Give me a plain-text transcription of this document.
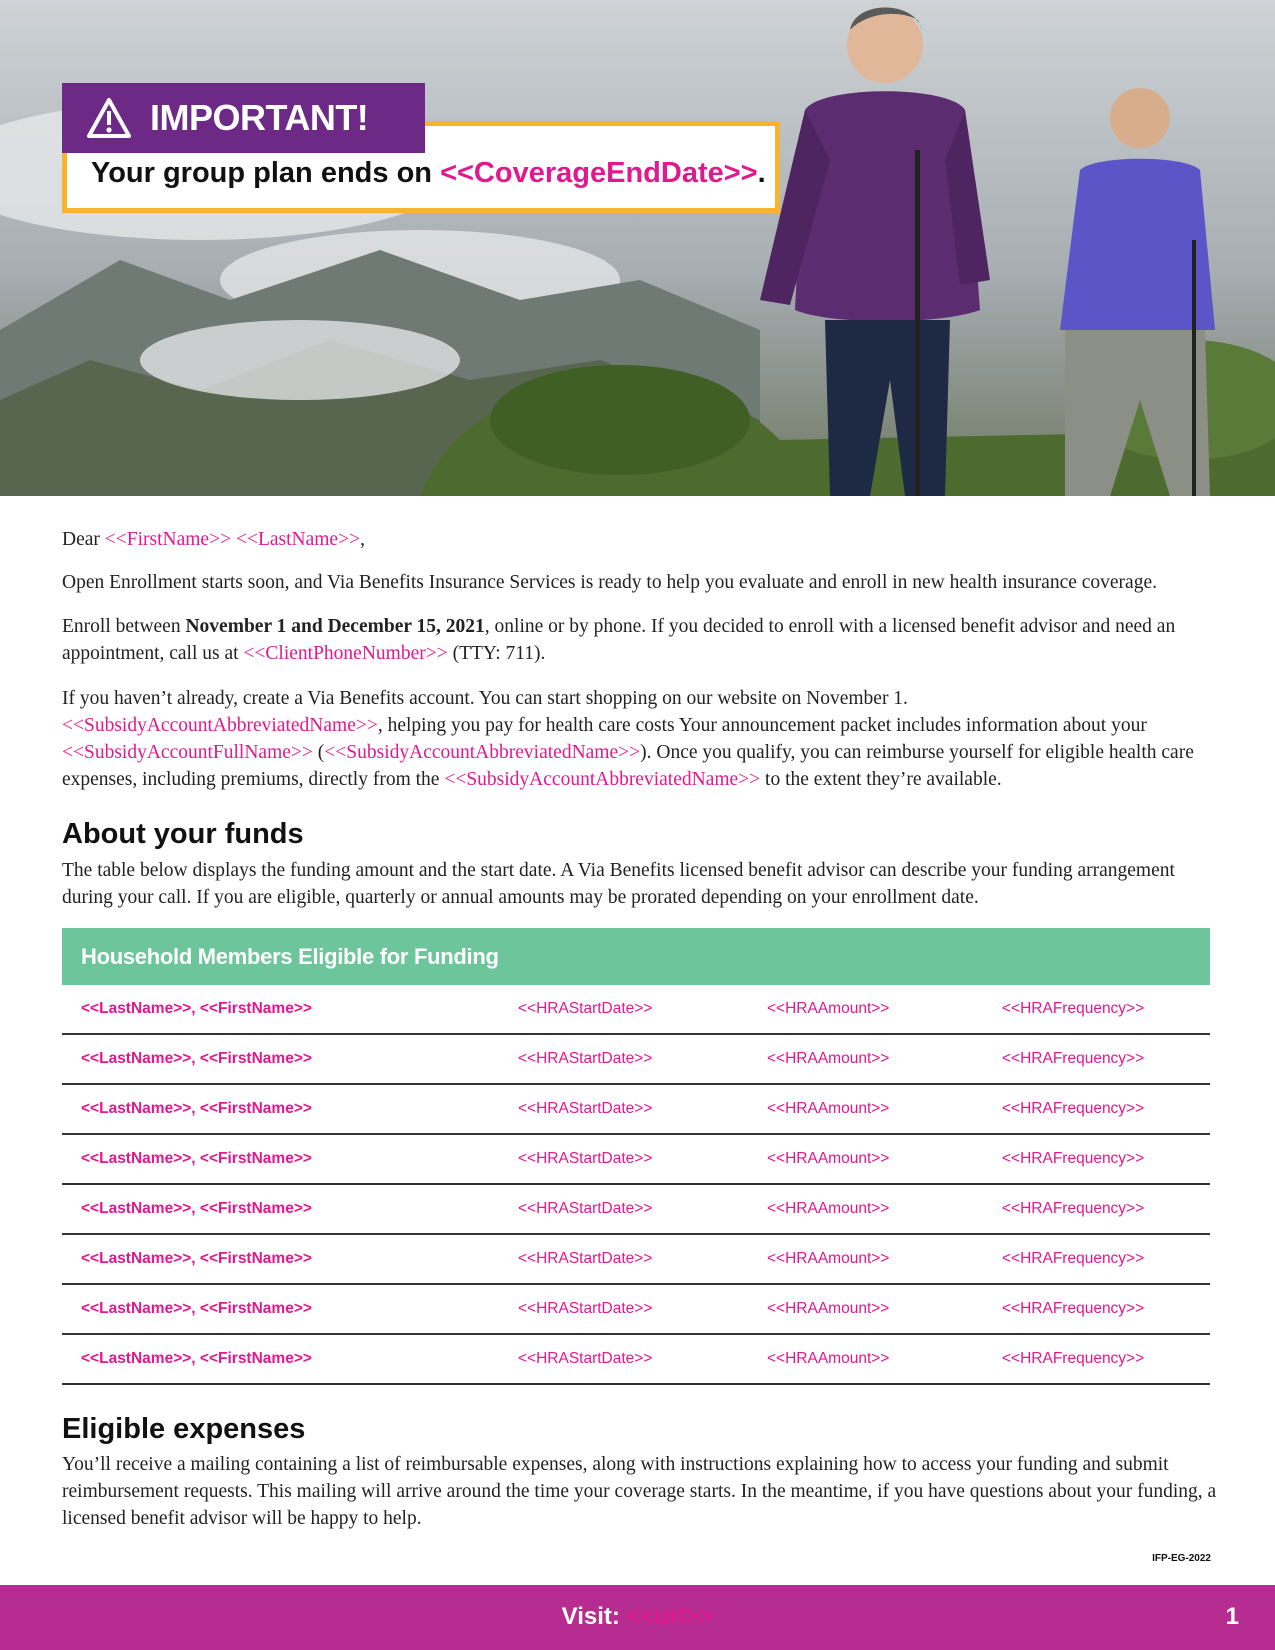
IMPORTANT!
Your group plan ends on <<CoverageEndDate>>.

Dear <<FirstName>> <<LastName>>,

Open Enrollment starts soon, and Via Benefits Insurance Services is ready to help you evaluate and enroll in new health insurance coverage.

Enroll between November 1 and December 15, 2021, online or by phone. If you decided to enroll with a licensed benefit advisor and need an appointment, call us at <<ClientPhoneNumber>> (TTY: 711).

If you haven’t already, create a Via Benefits account. You can start shopping on our website on November 1.
<<SubsidyAccountAbbreviatedName>>, helping you pay for health care costs Your announcement packet includes information about your <<SubsidyAccountFullName>> (<<SubsidyAccountAbbreviatedName>>). Once you qualify, you can reimburse yourself for eligible health care expenses, including premiums, directly from the <<SubsidyAccountAbbreviatedName>> to the extent they’re available.

About your funds

The table below displays the funding amount and the start date. A Via Benefits licensed benefit advisor can describe your funding arrangement during your call. If you are eligible, quarterly or annual amounts may be prorated depending on your enrollment date.

Household Members Eligible for Funding
<<LastName>>, <<FirstName>>	<<HRAStartDate>>	<<HRAAmount>>	<<HRAFrequency>>
<<LastName>>, <<FirstName>>	<<HRAStartDate>>	<<HRAAmount>>	<<HRAFrequency>>
<<LastName>>, <<FirstName>>	<<HRAStartDate>>	<<HRAAmount>>	<<HRAFrequency>>
<<LastName>>, <<FirstName>>	<<HRAStartDate>>	<<HRAAmount>>	<<HRAFrequency>>
<<LastName>>, <<FirstName>>	<<HRAStartDate>>	<<HRAAmount>>	<<HRAFrequency>>
<<LastName>>, <<FirstName>>	<<HRAStartDate>>	<<HRAAmount>>	<<HRAFrequency>>
<<LastName>>, <<FirstName>>	<<HRAStartDate>>	<<HRAAmount>>	<<HRAFrequency>>
<<LastName>>, <<FirstName>>	<<HRAStartDate>>	<<HRAAmount>>	<<HRAFrequency>>
Eligible expenses

You’ll receive a mailing containing a list of reimbursable expenses, along with instructions explaining how to access your funding and submit reimbursement requests. This mailing will arrive around the time your coverage starts. In the meantime, if you have questions about your funding, a licensed benefit advisor will be happy to help.

IFP-EG-2022
Visit: <<url>>	1
